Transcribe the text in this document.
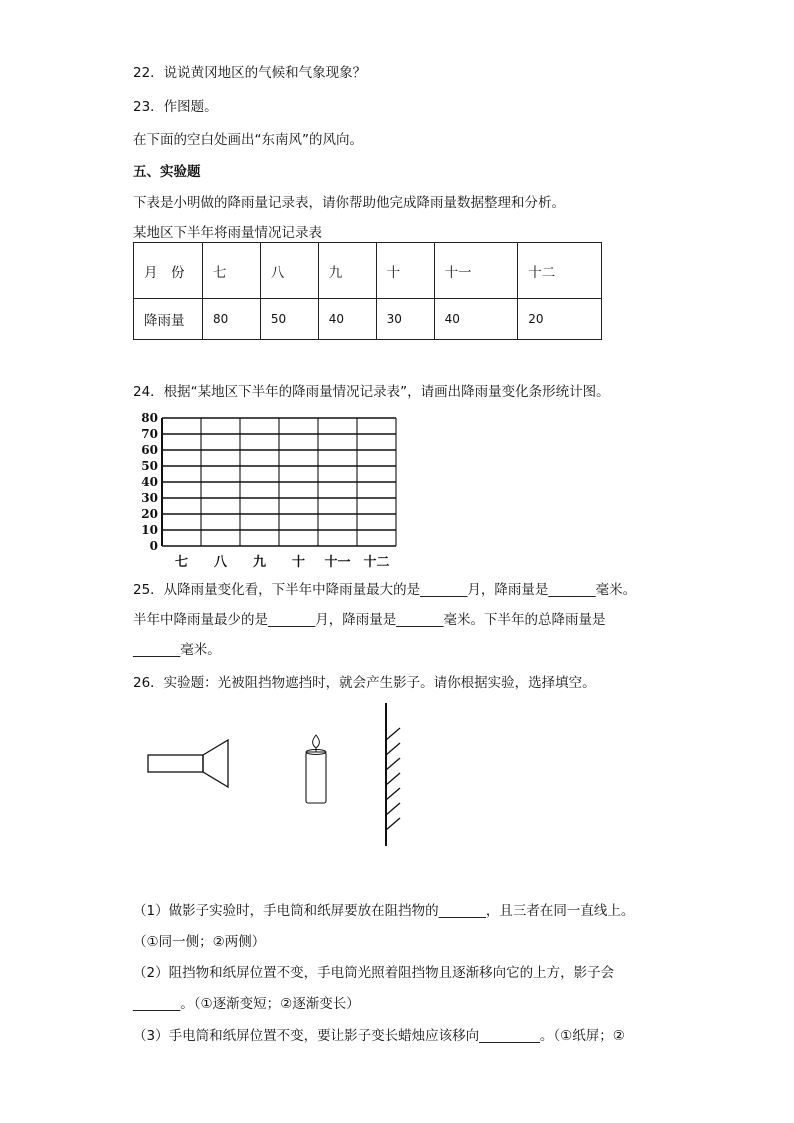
22．说说黄冈地区的气候和气象现象？
23．作图题。
在下面的空白处画出“东南风”的风向。
五、实验题
下表是小明做的降雨量记录表，请你帮助他完成降雨量数据整理和分析。
某地区下半年将雨量情况记录表
月　份	七	八	九	十	十一	十二
降雨量	80	50	40	30	40	20
24．根据“某地区下半年的降雨量情况记录表”，请画出降雨量变化条形统计图。
80
70
60
50
40
30
20
10
0
七 八 九 十 十一 十二
25．从降雨量变化看，下半年中降雨量最大的是_______月，降雨量是_______毫米。
半年中降雨量最少的是_______月，降雨量是_______毫米。下半年的总降雨量是
_______毫米。
26．实验题：光被阻挡物遮挡时，就会产生影子。请你根据实验，选择填空。
（1）做影子实验时，手电筒和纸屏要放在阻挡物的_______，且三者在同一直线上。
（①同一侧；②两侧）
（2）阻挡物和纸屏位置不变，手电筒光照着阻挡物且逐渐移向它的上方，影子会
_______。（①逐渐变短；②逐渐变长）
（3）手电筒和纸屏位置不变，要让影子变长蜡烛应该移向_________。（①纸屏；②
